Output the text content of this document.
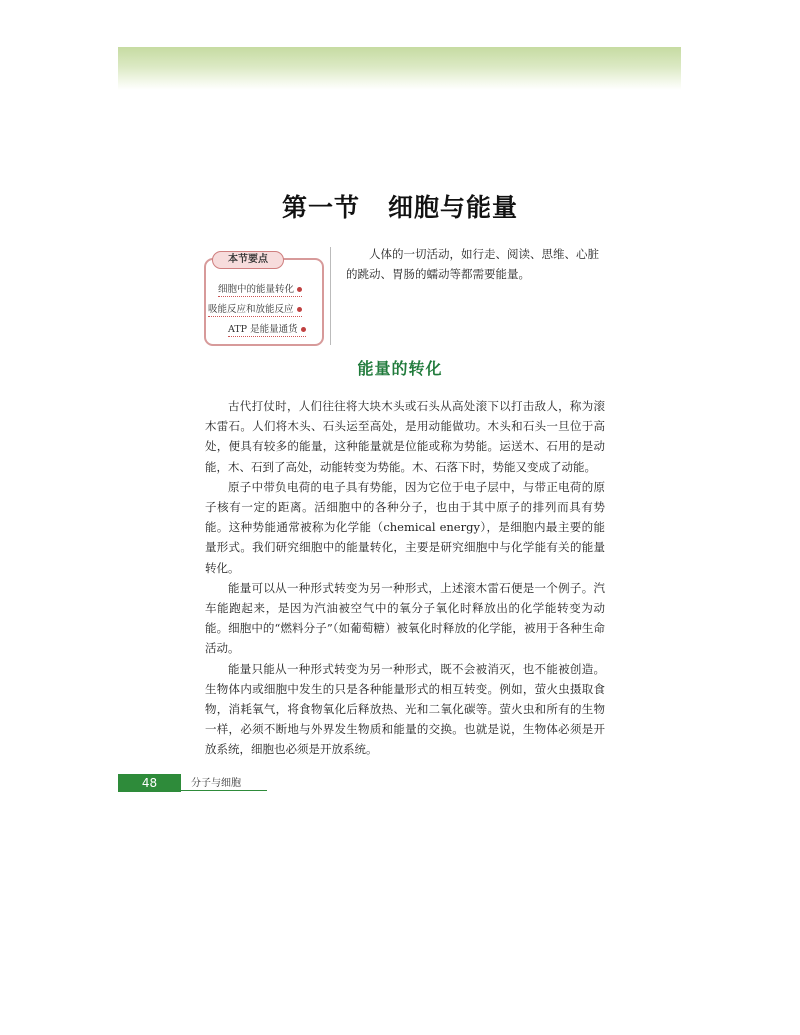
第一节 细胞与能量
本节要点
细胞中的能量转化
吸能反应和放能反应
ATP 是能量通货
人体的一切活动，如行走、阅读、思维、心脏的跳动、胃肠的蠕动等都需要能量。
能量的转化

古代打仗时，人们往往将大块木头或石头从高处滚下以打击敌人，称为滚木雷石。人们将木头、石头运至高处，是用动能做功。木头和石头一旦位于高处，便具有较多的能量，这种能量就是位能或称为势能。运送木、石用的是动能，木、石到了高处，动能转变为势能。木、石落下时，势能又变成了动能。

原子中带负电荷的电子具有势能，因为它位于电子层中，与带正电荷的原子核有一定的距离。活细胞中的各种分子，也由于其中原子的排列而具有势能。这种势能通常被称为化学能（chemical energy），是细胞内最主要的能量形式。我们研究细胞中的能量转化，主要是研究细胞中与化学能有关的能量转化。

能量可以从一种形式转变为另一种形式，上述滚木雷石便是一个例子。汽车能跑起来，是因为汽油被空气中的氧分子氧化时释放出的化学能转变为动能。细胞中的“燃料分子”（如葡萄糖）被氧化时释放的化学能，被用于各种生命活动。

能量只能从一种形式转变为另一种形式，既不会被消灭，也不能被创造。生物体内或细胞中发生的只是各种能量形式的相互转变。例如，萤火虫摄取食物，消耗氧气，将食物氧化后释放热、光和二氧化碳等。萤火虫和所有的生物一样，必须不断地与外界发生物质和能量的交换。也就是说，生物体必须是开放系统，细胞也必须是开放系统。

48	分子与细胞
